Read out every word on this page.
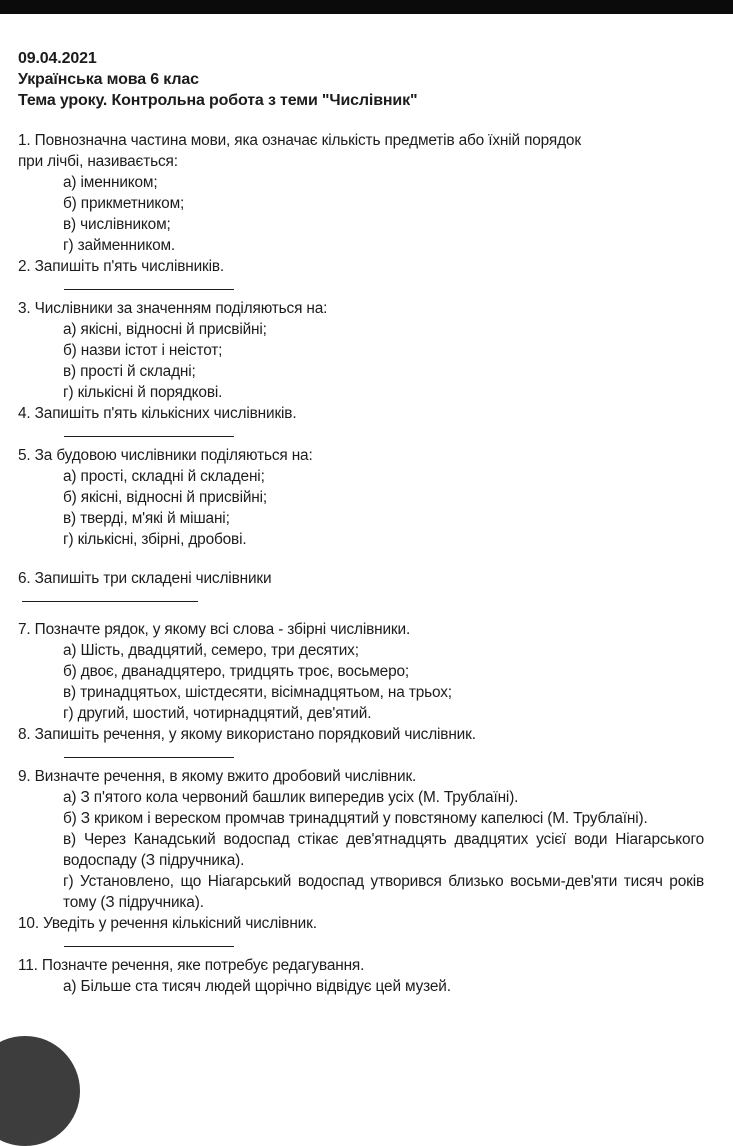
09.04.2021
Українська мова 6 клас
Тема уроку. Контрольна робота з теми "Числівник"
1. Повнозначна частина мови, яка означає кількість предметів або їхній порядок
при лічбі, називається:
а) іменником;
б) прикметником;
в) числівником;
г) займенником.
2. Запишіть п'ять числівників.
3. Числівники за значенням поділяються на:
а) якісні, відносні й присвійні;
б) назви істот і неістот;
в) прості й складні;
г) кількісні й порядкові.
4. Запишіть п'ять кількісних числівників.
5. За будовою числівники поділяються на:
а) прості, складні й складені;
б) якісні, відносні й присвійні;
в) тверді, м'які й мішані;
г) кількісні, збірні, дробові.
6. Запишіть три складені числівники
7. Позначте рядок, у якому всі слова - збірні числівники.
а) Шість, двадцятий, семеро, три десятих;
б) двоє, дванадцятеро, тридцять троє, восьмеро;
в) тринадцятьох, шістдесяти, вісімнадцятьом, на трьох;
г) другий, шостий, чотирнадцятий, дев'ятий.
8. Запишіть речення, у якому використано порядковий числівник.
9. Визначте речення, в якому вжито дробовий числівник.
а) З п'ятого кола червоний башлик випередив усіх (М. Трублаїні).
б) З криком і вереском промчав тринадцятий у повстяному капелюсі (М. Трублаїні).
в) Через Канадський водоспад стікає дев'ятнадцять двадцятих усієї води Ніагарського водоспаду (З підручника).
г) Установлено, що Ніагарський водоспад утворився близько восьми-дев'яти тисяч років тому (З підручника).
10. Уведіть у речення кількісний числівник.
11. Позначте речення, яке потребує редагування.
а) Більше ста тисяч людей щорічно відвідує цей музей.
